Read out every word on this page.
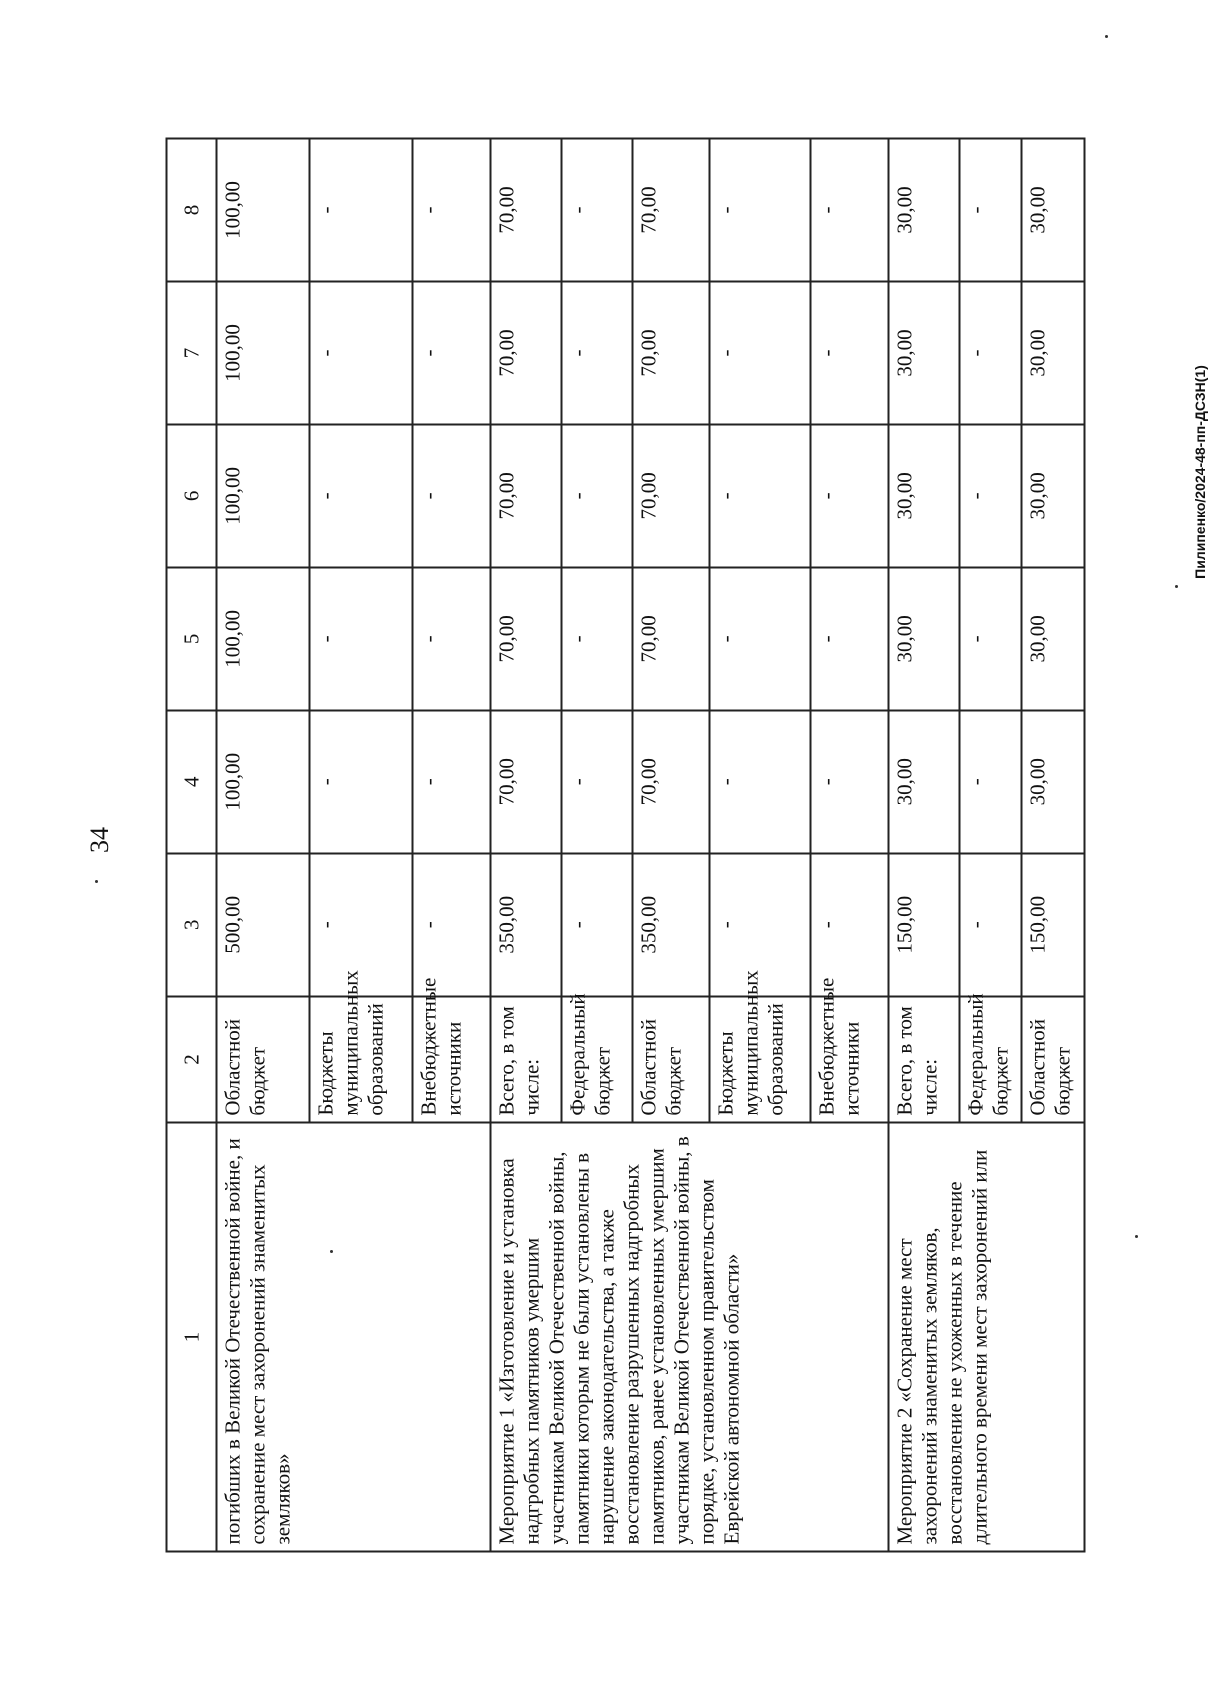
34
Пилипенко/2024-48-пп-ДСЗН(1)
1	2	3	4	5	6	7	8
погибших в Великой Отечественной войне, и сохранение мест захоронений знаменитых земляков»	Областной бюджет	500,00	100,00	100,00	100,00	100,00	100,00
	Бюджеты муниципальных образований	-	-	-	-	-	-
	Внебюджетные источники	-	-	-	-	-	-
Мероприятие 1 «Изготовление и установка надгробных памятников умершим участникам Великой Отечественной войны, памятники которым не были установлены в нарушение законодательства, а также восстановление разрушенных надгробных памятников, ранее установленных умершим участникам Великой Отечественной войны, в порядке, установленном правительством Еврейской автономной области»	Всего, в том числе:	350,00	70,00	70,00	70,00	70,00	70,00
	Федеральный бюджет	-	-	-	-	-	-
	Областной бюджет	350,00	70,00	70,00	70,00	70,00	70,00
	Бюджеты муниципальных образований	-	-	-	-	-	-
	Внебюджетные источники	-	-	-	-	-	-
Мероприятие 2 «Сохранение мест захоронений знаменитых земляков, восстановление не ухоженных в течение длительного времени мест захоронений или	Всего, в том числе:	150,00	30,00	30,00	30,00	30,00	30,00
	Федеральный бюджет	-	-	-	-	-	-
	Областной бюджет	150,00	30,00	30,00	30,00	30,00	30,00
